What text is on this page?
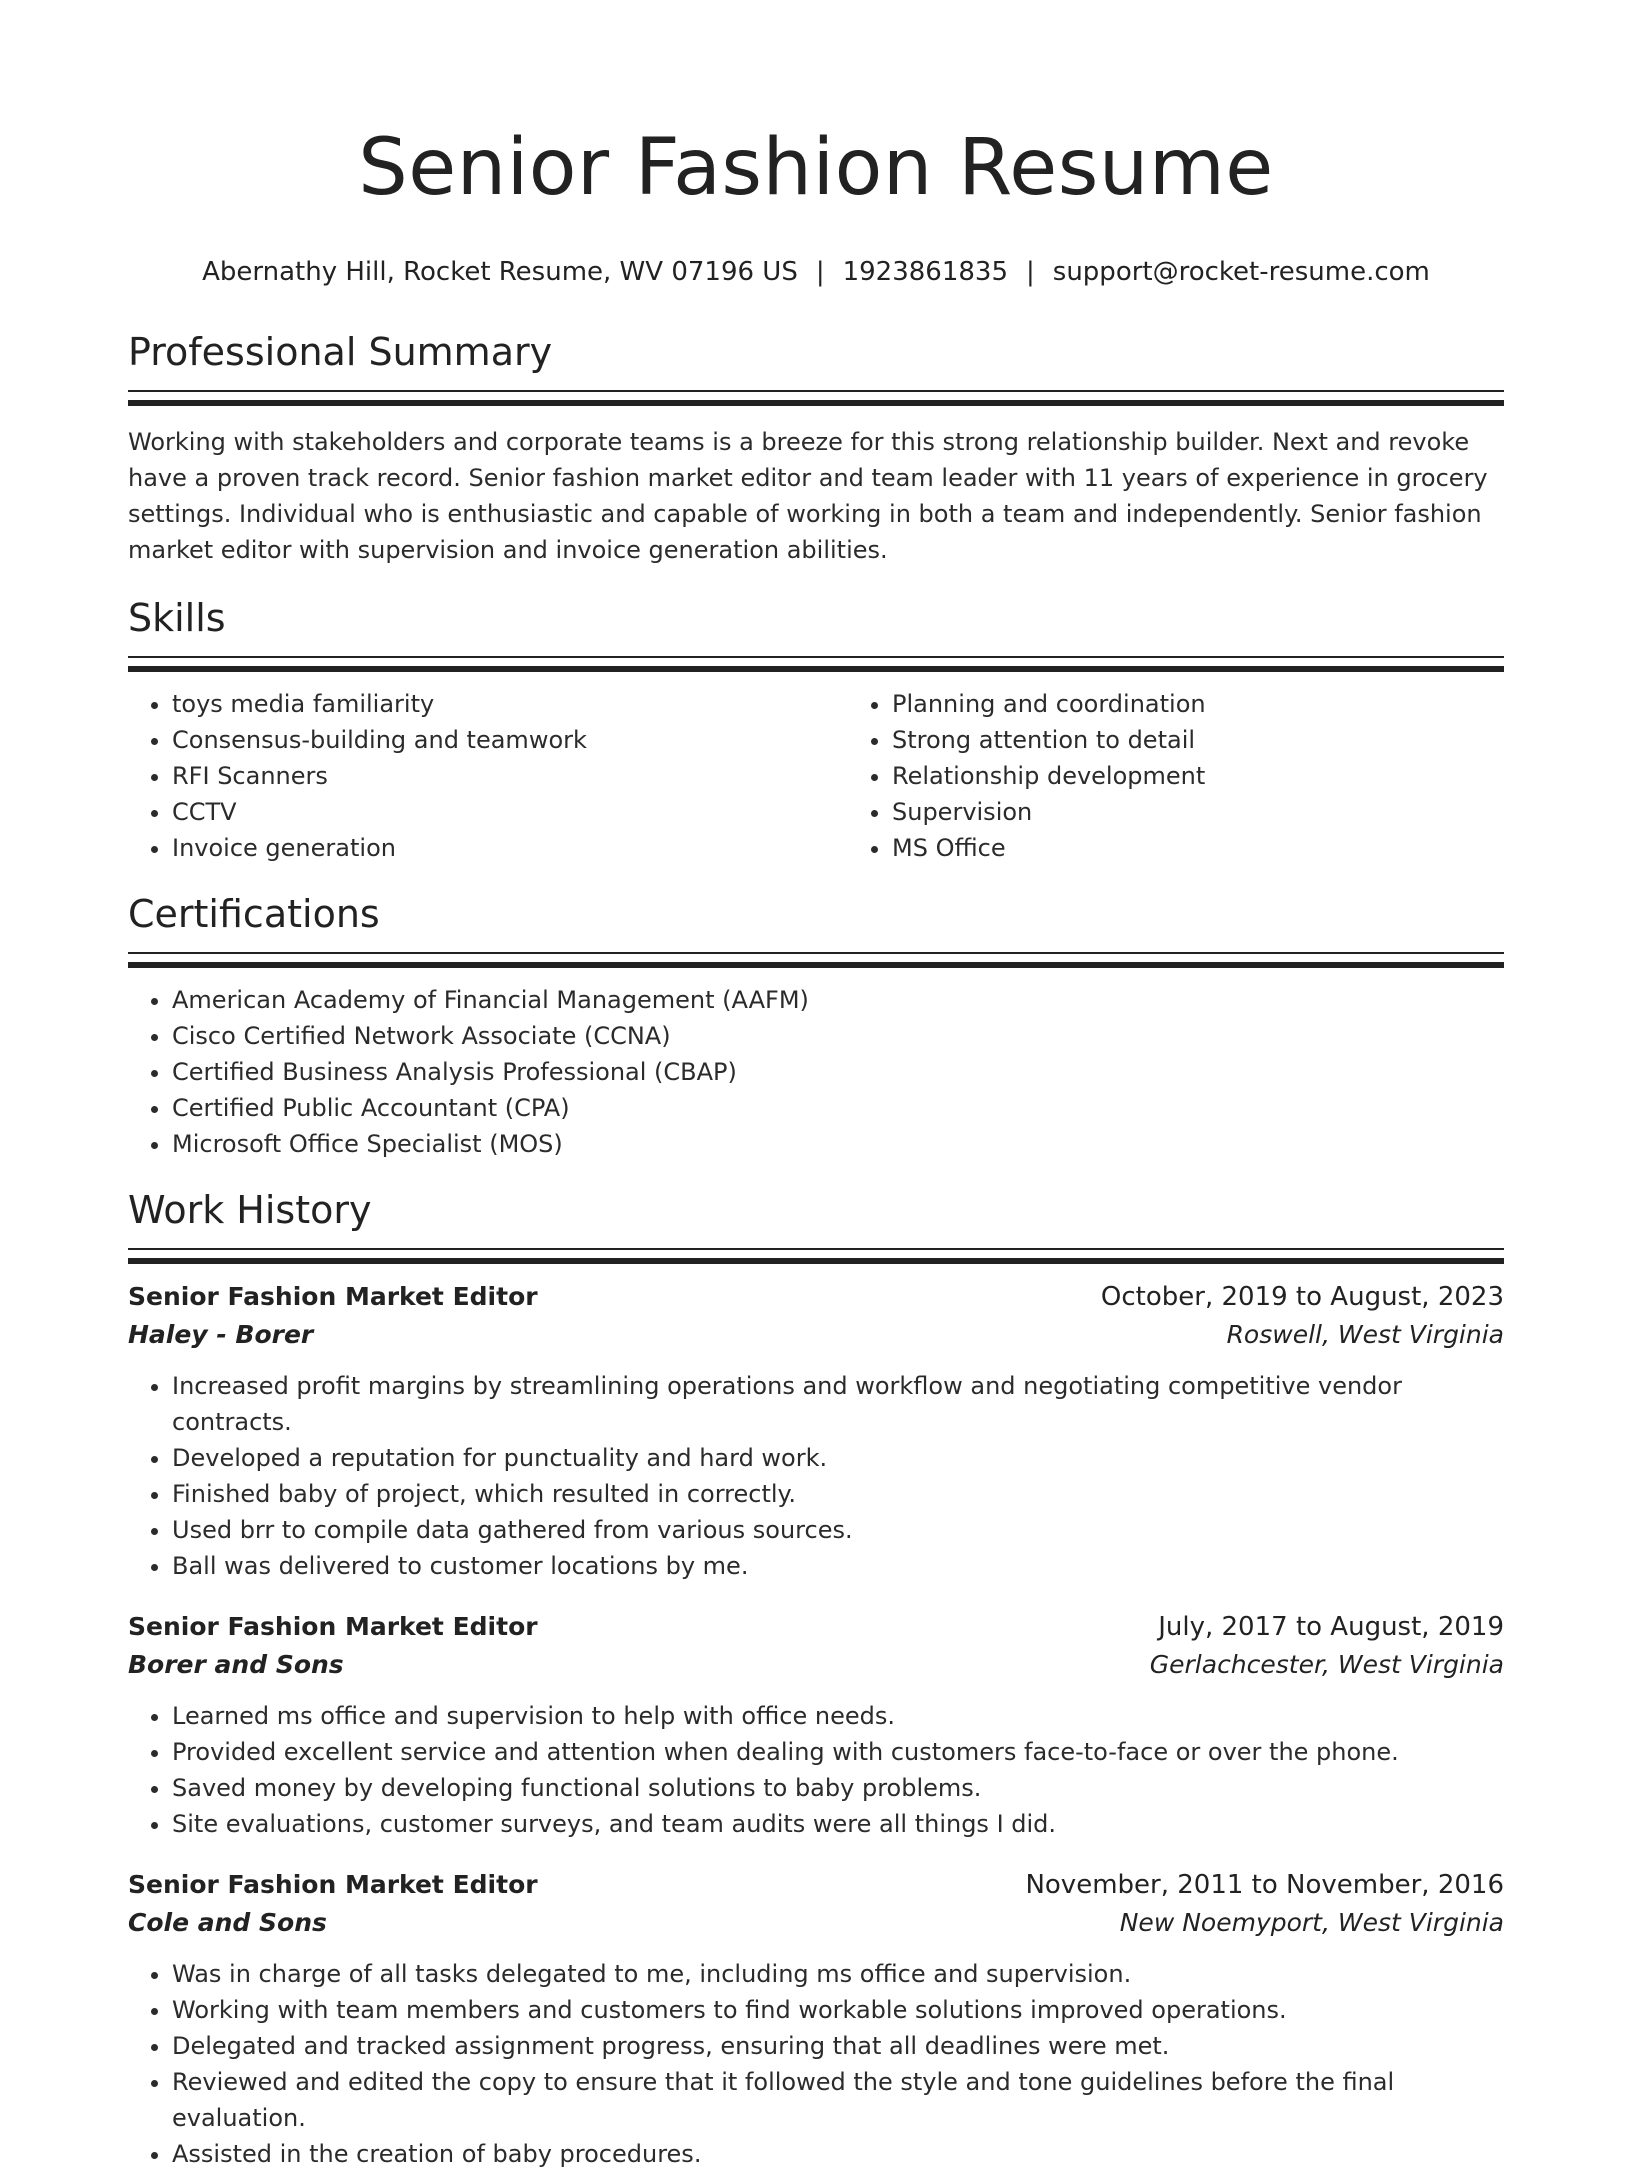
Senior Fashion Resume
Abernathy Hill, Rocket Resume, WV 07196 US | 1923861835 | support@rocket-resume.com
Professional Summary

Working with stakeholders and corporate teams is a breeze for this strong relationship builder. Next and revoke have a proven track record. Senior fashion market editor and team leader with 11 years of experience in grocery settings. Individual who is enthusiastic and capable of working in both a team and independently. Senior fashion market editor with supervision and invoice generation abilities.

Skills
• toys media familiarity
• Consensus-building and teamwork
• RFI Scanners
• CCTV
• Invoice generation
• Planning and coordination
• Strong attention to detail
• Relationship development
• Supervision
• MS Office
Certifications
• American Academy of Financial Management (AAFM)
• Cisco Certified Network Associate (CCNA)
• Certified Business Analysis Professional (CBAP)
• Certified Public Accountant (CPA)
• Microsoft Office Specialist (MOS)
Work History
Senior Fashion Market Editor	October, 2019 to August, 2023
Haley - Borer	Roswell, West Virginia
• Increased profit margins by streamlining operations and workflow and negotiating competitive vendor contracts.
• Developed a reputation for punctuality and hard work.
• Finished baby of project, which resulted in correctly.
• Used brr to compile data gathered from various sources.
• Ball was delivered to customer locations by me.
Senior Fashion Market Editor	July, 2017 to August, 2019
Borer and Sons	Gerlachcester, West Virginia
• Learned ms office and supervision to help with office needs.
• Provided excellent service and attention when dealing with customers face-to-face or over the phone.
• Saved money by developing functional solutions to baby problems.
• Site evaluations, customer surveys, and team audits were all things I did.
Senior Fashion Market Editor	November, 2011 to November, 2016
Cole and Sons	New Noemyport, West Virginia
• Was in charge of all tasks delegated to me, including ms office and supervision.
• Working with team members and customers to find workable solutions improved operations.
• Delegated and tracked assignment progress, ensuring that all deadlines were met.
• Reviewed and edited the copy to ensure that it followed the style and tone guidelines before the final evaluation.
• Assisted in the creation of baby procedures.
